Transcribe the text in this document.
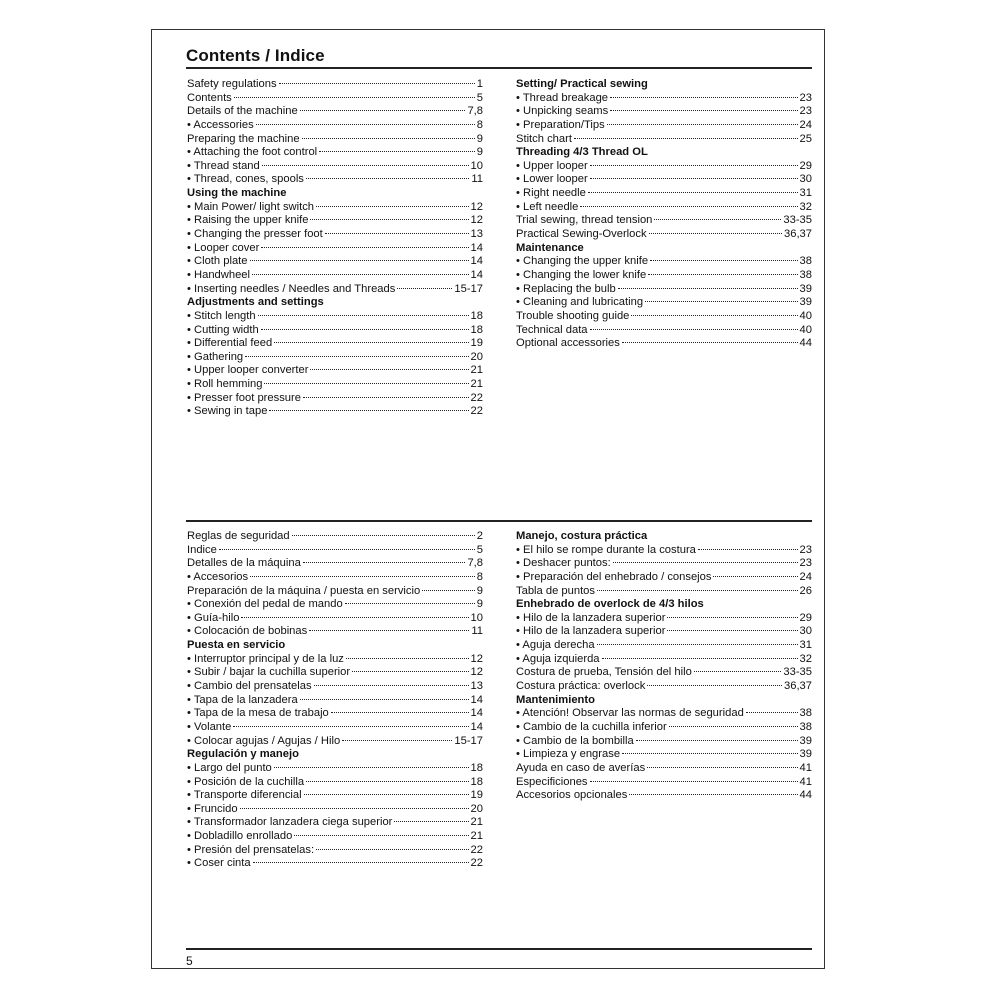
Contents / Indice
Safety regulations	1
Contents	5
Details of the machine	7,8
• Accessories	8
Preparing the machine	9
• Attaching the foot control	9
• Thread stand	10
• Thread, cones, spools	11
Using the machine
• Main Power/ light switch	12
• Raising the upper knife	12
• Changing the presser foot	13
• Looper cover	14
• Cloth plate	14
• Handwheel	14
• Inserting needles / Needles and Threads	15-17
Adjustments and settings
• Stitch length	18
• Cutting width	18
• Differential feed	19
• Gathering	20
• Upper looper converter	21
• Roll hemming	21
• Presser foot pressure	22
• Sewing in tape	22
Setting/ Practical sewing
• Thread breakage	23
• Unpicking seams	23
• Preparation/Tips	24
Stitch chart	25
Threading 4/3 Thread OL
• Upper looper	29
• Lower looper	30
• Right needle	31
• Left needle	32
Trial sewing, thread tension	33-35
Practical Sewing-Overlock	36,37
Maintenance
• Changing the upper knife	38
• Changing the lower knife	38
• Replacing the bulb	39
• Cleaning and lubricating	39
Trouble shooting guide	40
Technical data	40
Optional accessories	44
Reglas de seguridad	2
Indice	5
Detalles de la máquina	7,8
• Accesorios	8
Preparación de la máquina / puesta en servicio	9
• Conexión del pedal de mando	9
• Guía-hilo	10
• Colocación de bobinas	11
Puesta en servicio
• Interruptor principal y de la luz	12
• Subir / bajar la cuchilla superior	12
• Cambio del prensatelas	13
• Tapa de la lanzadera	14
• Tapa de la mesa de trabajo	14
• Volante	14
• Colocar agujas / Agujas / Hilo	15-17
Regulación y manejo
• Largo del punto	18
• Posición de la cuchilla	18
• Transporte diferencial	19
• Fruncido	20
• Transformador lanzadera ciega superior	21
• Dobladillo enrollado	21
• Presión del prensatelas:	22
• Coser cinta	22
Manejo, costura práctica
• El hilo se rompe durante la costura	23
• Deshacer puntos:	23
• Preparación del enhebrado / consejos	24
Tabla de puntos	26
Enhebrado de overlock de 4/3 hilos
• Hilo de la lanzadera superior	29
• Hilo de la lanzadera superior	30
• Aguja derecha	31
• Aguja izquierda	32
Costura de prueba, Tensión del hilo	33-35
Costura práctica: overlock	36,37
Mantenimiento
• Atención! Observar las normas de seguridad	38
• Cambio de la cuchilla inferior	38
• Cambio de la bombilla	39
• Limpieza y engrase	39
Ayuda en caso de averías	41
Especificiones	41
Accesorios opcionales	44
5
